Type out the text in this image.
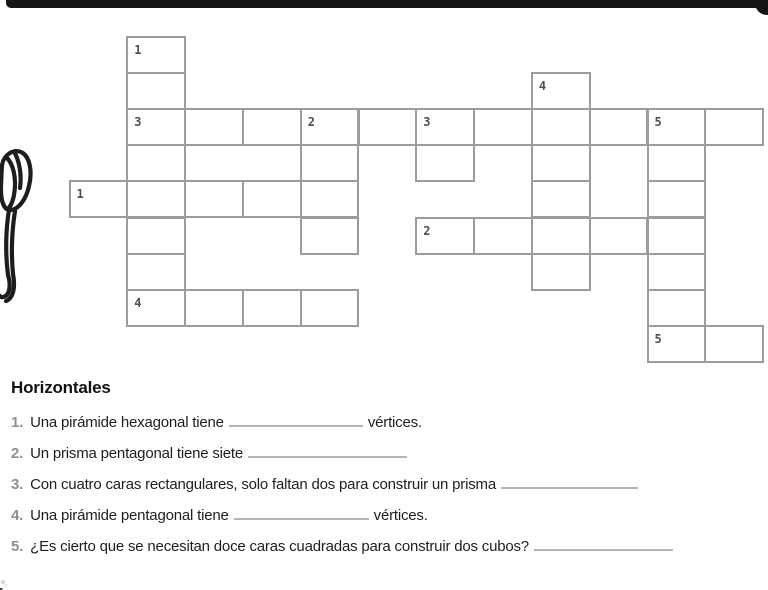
1
4
3	2	3	5
1
2
4
5
Horizontales
1. Una pirámide hexagonal tiene	vértices.
2. Un prisma pentagonal tiene siete
3. Con cuatro caras rectangulares, solo faltan dos para construir un prisma
4. Una pirámide pentagonal tiene	vértices.
5. ¿Es cierto que se necesitan doce caras cuadradas para construir dos cubos?
